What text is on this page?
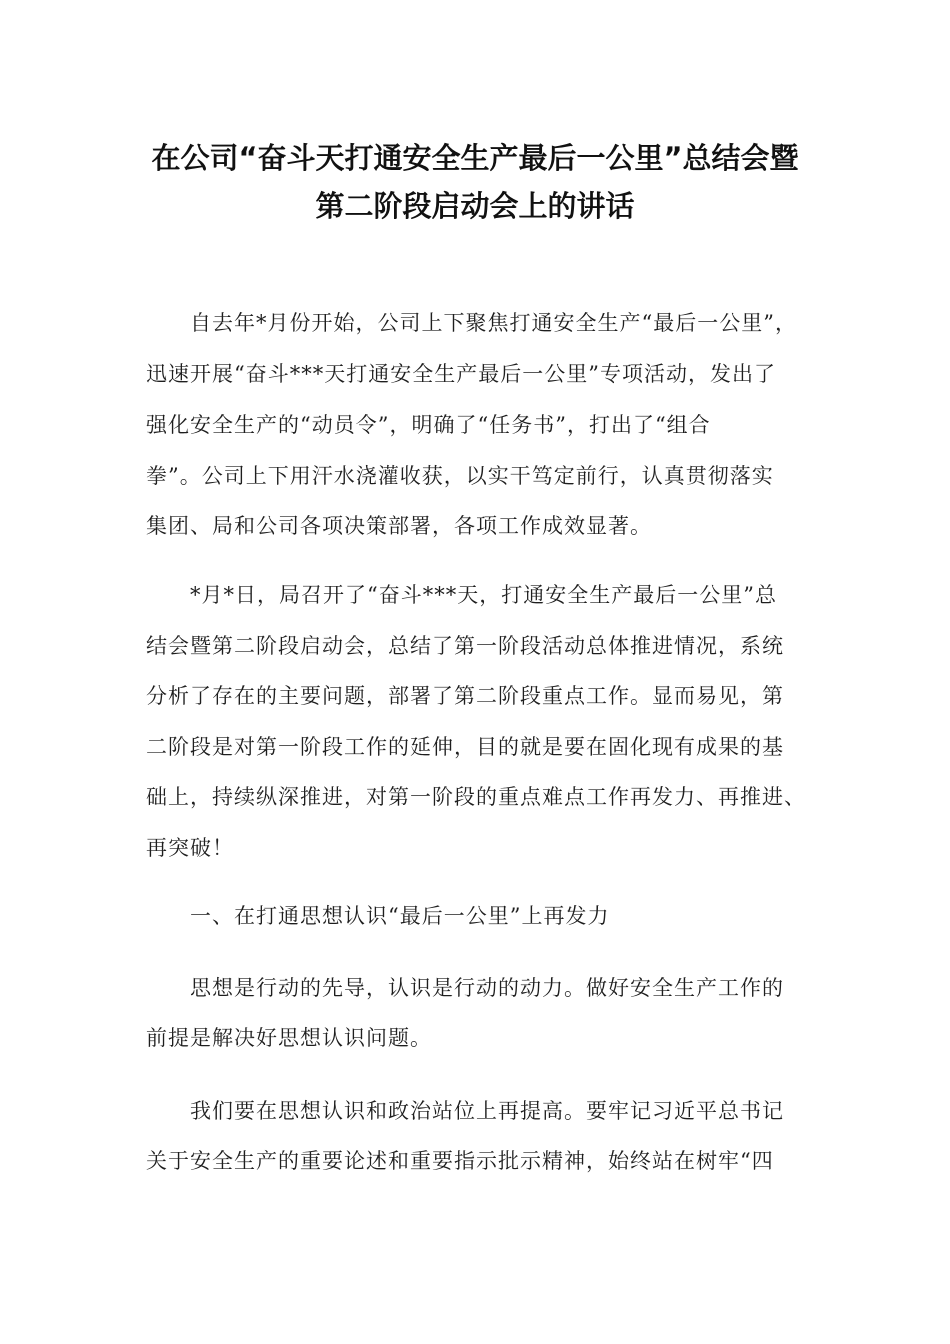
在公司“奋斗天打通安全生产最后一公里”总结会暨
第二阶段启动会上的讲话
自去年*月份开始，公司上下聚焦打通安全生产“最后一公里”，
迅速开展“奋斗***天打通安全生产最后一公里”专项活动，发出了
强化安全生产的“动员令”，明确了“任务书”，打出了“组合
拳”。公司上下用汗水浇灌收获，以实干笃定前行，认真贯彻落实
集团、局和公司各项决策部署，各项工作成效显著。
*月*日，局召开了“奋斗***天，打通安全生产最后一公里”总
结会暨第二阶段启动会，总结了第一阶段活动总体推进情况，系统
分析了存在的主要问题，部署了第二阶段重点工作。显而易见，第
二阶段是对第一阶段工作的延伸，目的就是要在固化现有成果的基
础上，持续纵深推进，对第一阶段的重点难点工作再发力、再推进、
再突破！
一、在打通思想认识“最后一公里”上再发力
思想是行动的先导，认识是行动的动力。做好安全生产工作的
前提是解决好思想认识问题。
我们要在思想认识和政治站位上再提高。要牢记习近平总书记
关于安全生产的重要论述和重要指示批示精神，始终站在树牢“四
